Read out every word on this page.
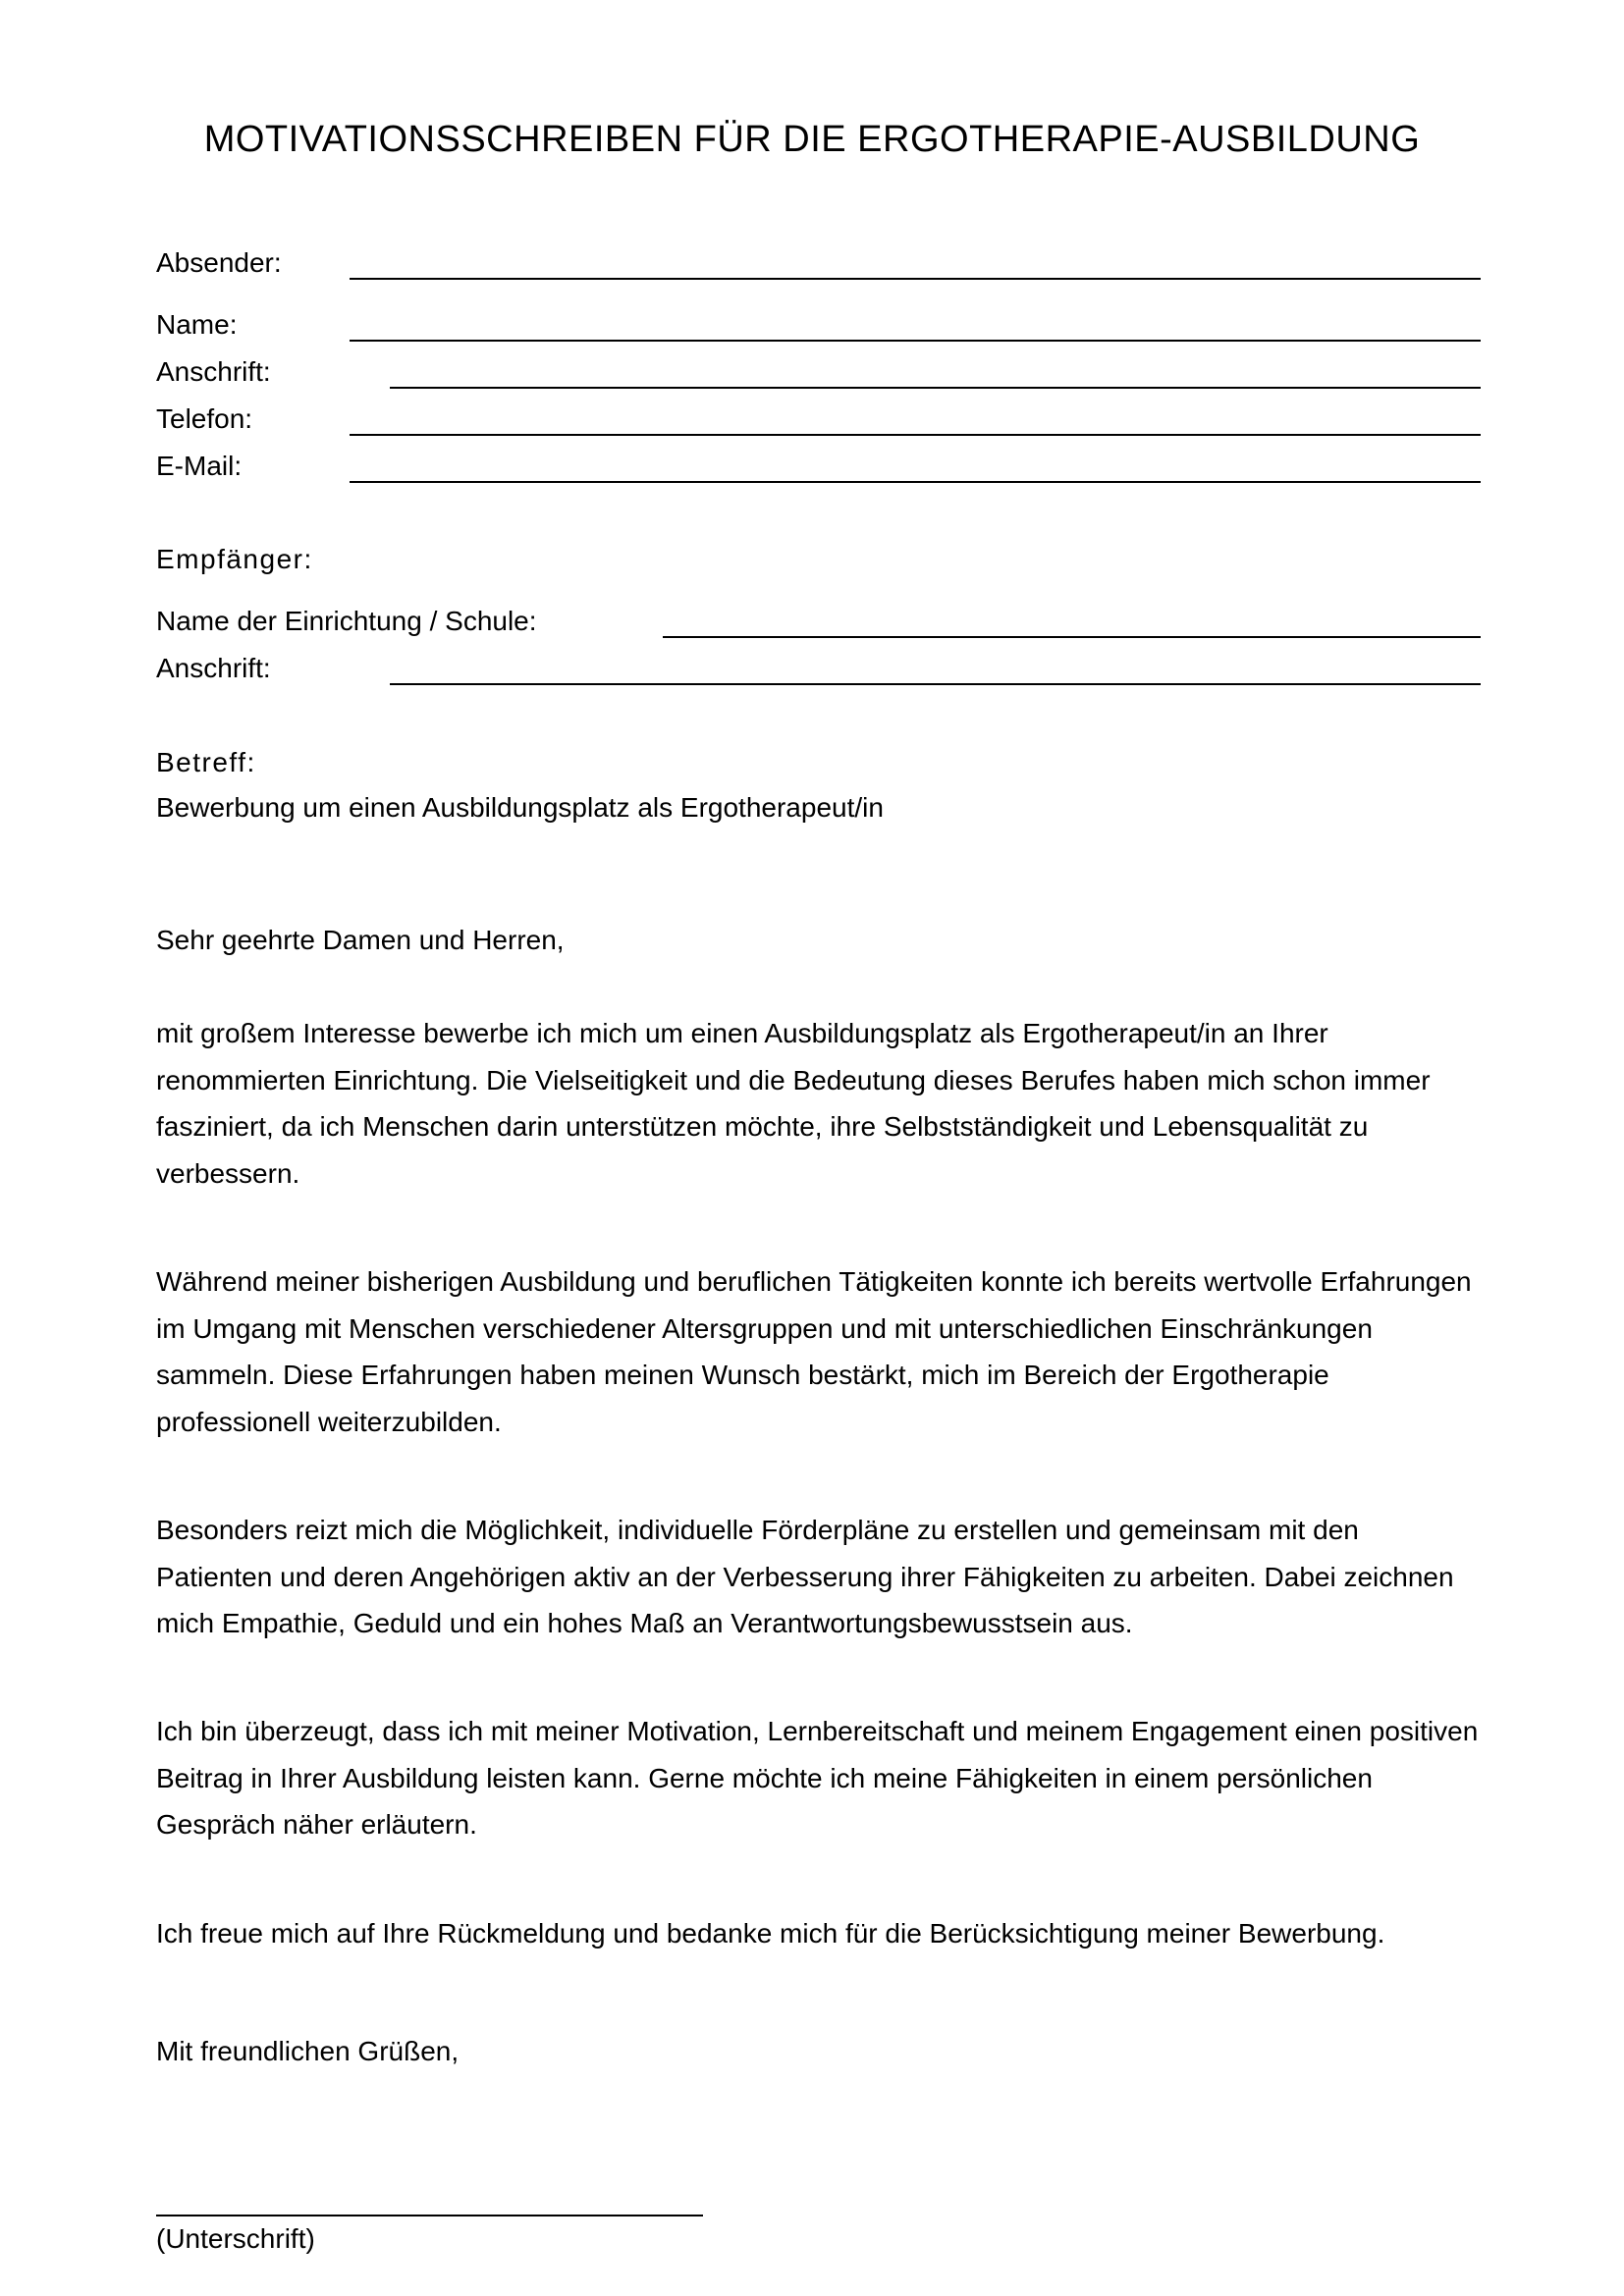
MOTIVATIONSSCHREIBEN FÜR DIE ERGOTHERAPIE-AUSBILDUNG
Absender:
Name:
Anschrift:
Telefon:
E-Mail:
Empfänger:
Name der Einrichtung / Schule:
Anschrift:
Betreff:
Bewerbung um einen Ausbildungsplatz als Ergotherapeut/in
Sehr geehrte Damen und Herren,
mit großem Interesse bewerbe ich mich um einen Ausbildungsplatz als Ergotherapeut/in an Ihrer
renommierten Einrichtung. Die Vielseitigkeit und die Bedeutung dieses Berufes haben mich schon immer
fasziniert, da ich Menschen darin unterstützen möchte, ihre Selbstständigkeit und Lebensqualität zu
verbessern.
Während meiner bisherigen Ausbildung und beruflichen Tätigkeiten konnte ich bereits wertvolle Erfahrungen
im Umgang mit Menschen verschiedener Altersgruppen und mit unterschiedlichen Einschränkungen
sammeln. Diese Erfahrungen haben meinen Wunsch bestärkt, mich im Bereich der Ergotherapie
professionell weiterzubilden.
Besonders reizt mich die Möglichkeit, individuelle Förderpläne zu erstellen und gemeinsam mit den
Patienten und deren Angehörigen aktiv an der Verbesserung ihrer Fähigkeiten zu arbeiten. Dabei zeichnen
mich Empathie, Geduld und ein hohes Maß an Verantwortungsbewusstsein aus.
Ich bin überzeugt, dass ich mit meiner Motivation, Lernbereitschaft und meinem Engagement einen positiven
Beitrag in Ihrer Ausbildung leisten kann. Gerne möchte ich meine Fähigkeiten in einem persönlichen
Gespräch näher erläutern.
Ich freue mich auf Ihre Rückmeldung und bedanke mich für die Berücksichtigung meiner Bewerbung.
Mit freundlichen Grüßen,
(Unterschrift)
